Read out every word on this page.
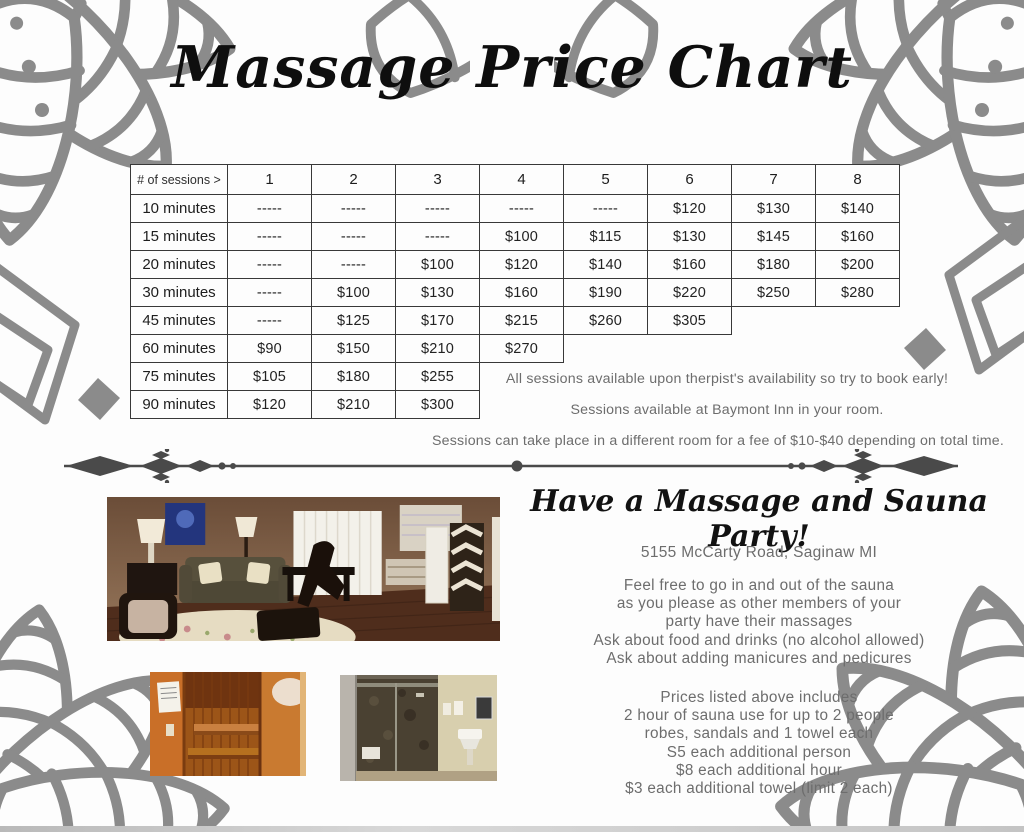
Massage Price Chart
# of sessions >	1	2	3	4	5	6	7	8
10 minutes	-----	-----	-----	-----	-----	$120	$130	$140
15 minutes	-----	-----	-----	$100	$115	$130	$145	$160
20 minutes	-----	-----	$100	$120	$140	$160	$180	$200
30 minutes	-----	$100	$130	$160	$190	$220	$250	$280
45 minutes	-----	$125	$170	$215	$260	$305		
60 minutes	$90	$150	$210	$270				
75 minutes	$105	$180	$255					
90 minutes	$120	$210	$300					
All sessions available upon therpist's availability so try to book early!
Sessions available at Baymont Inn in your room.
Sessions can take place in a different room for a fee of $10-$40 depending on total time.
Have a Massage and Sauna Party!
5155 McCarty Road, Saginaw MI

Feel free to go in and out of the sauna

as you please as other members of your

party have their massages

Ask about food and drinks (no alcohol allowed)

Ask about adding manicures and pedicures

Prices listed above includes

2 hour of sauna use for up to 2 people

robes, sandals and 1 towel each

S5 each additional person

$8 each additional hour

$3 each additional towel (limit 2 each)
